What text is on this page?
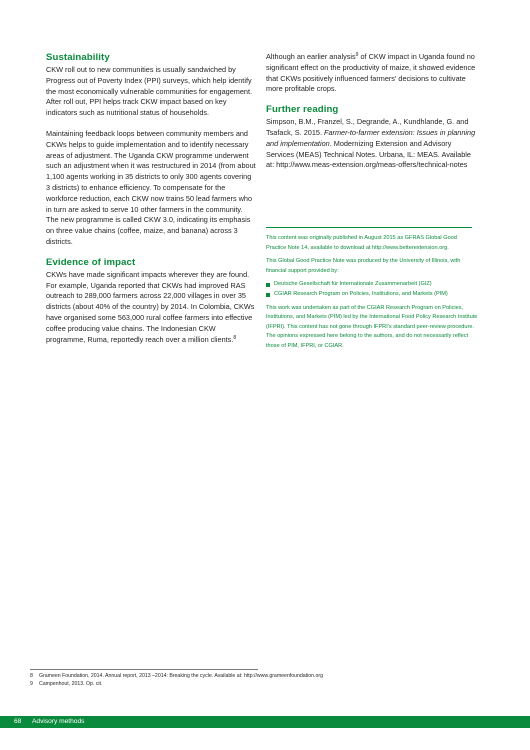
Sustainability

CKW roll out to new communities is usually sandwiched by Progress out of Poverty Index (PPI) surveys, which help identify the most economically vulnerable communities for engagement. After roll out, PPI helps track CKW impact based on key indicators such as nutritional status of households.

Maintaining feedback loops between community members and CKWs helps to guide implementation and to identify necessary areas of adjustment. The Uganda CKW programme underwent such an adjustment when it was restructured in 2014 (from about 1,100 agents working in 35 districts to only 300 agents covering 3 districts) to enhance efficiency. To compensate for the workforce reduction, each CKW now trains 50 lead farmers who in turn are asked to serve 10 other farmers in the community. The new programme is called CKW 3.0, indicating its emphasis on three value chains (coffee, maize, and banana) across 3 districts.

Evidence of impact

CKWs have made significant impacts wherever they are found. For example, Uganda reported that CKWs had improved RAS outreach to 289,000 farmers across 22,000 villages in over 35 districts (about 40% of the country) by 2014. In Colombia, CKWs have organised some 563,000 rural coffee farmers into effective coffee producing value chains. The Indonesian CKW programme, Ruma, reportedly reach over a million clients.$^8$

Although an earlier analysis$^9$ of CKW impact in Uganda found no significant effect on the productivity of maize, it showed evidence that CKWs positively influenced farmers' decisions to cultivate more profitable crops.

Further reading

Simpson, B.M., Franzel, S., Degrande, A., Kundhlande, G. and Tsafack, S. 2015. Farmer-to-farmer extension: Issues in planning and implementation. Modernizing Extension and Advisory Services (MEAS) Technical Notes. Urbana, IL: MEAS. Available at: http://www.meas-extension.org/meas-offers/technical-notes

This content was originally published in August 2015 as GFRAS Global Good Practice Note 14, available to download at http://www.betterextension.org.

This Global Good Practice Note was produced by the University of Illinois, with financial support provided by:

Deutsche Gesellschaft für Internationale Zusammenarbeit (GIZ)
CGIAR Research Program on Policies, Institutions, and Markets (PIM)

This work was undertaken as part of the CGIAR Research Program on Policies, Institutions, and Markets (PIM) led by the International Food Policy Research Institute (IFPRI). This content has not gone through IFPRI's standard peer-review procedure. The opinions expressed here belong to the authors, and do not necessarily reflect those of PIM, IFPRI, or CGIAR.

8 Grameen Foundation. 2014. Annual report, 2013 –2014: Breaking the cycle. Available at: http://www.grameenfoundation.org
9 Campenhout, 2013. Op. cit.
68 Advisory methods
